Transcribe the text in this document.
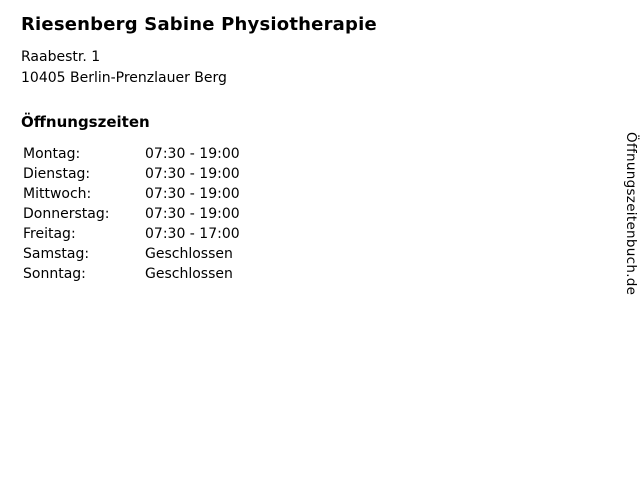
Riesenberg Sabine Physiotherapie
Raabestr. 1
10405 Berlin-Prenzlauer Berg
Öffnungszeiten
Montag:	07:30 - 19:00
Dienstag:	07:30 - 19:00
Mittwoch:	07:30 - 19:00
Donnerstag:	07:30 - 19:00
Freitag:	07:30 - 17:00
Samstag:	Geschlossen
Sonntag:	Geschlossen	Öffnungszeitenbuch.de
